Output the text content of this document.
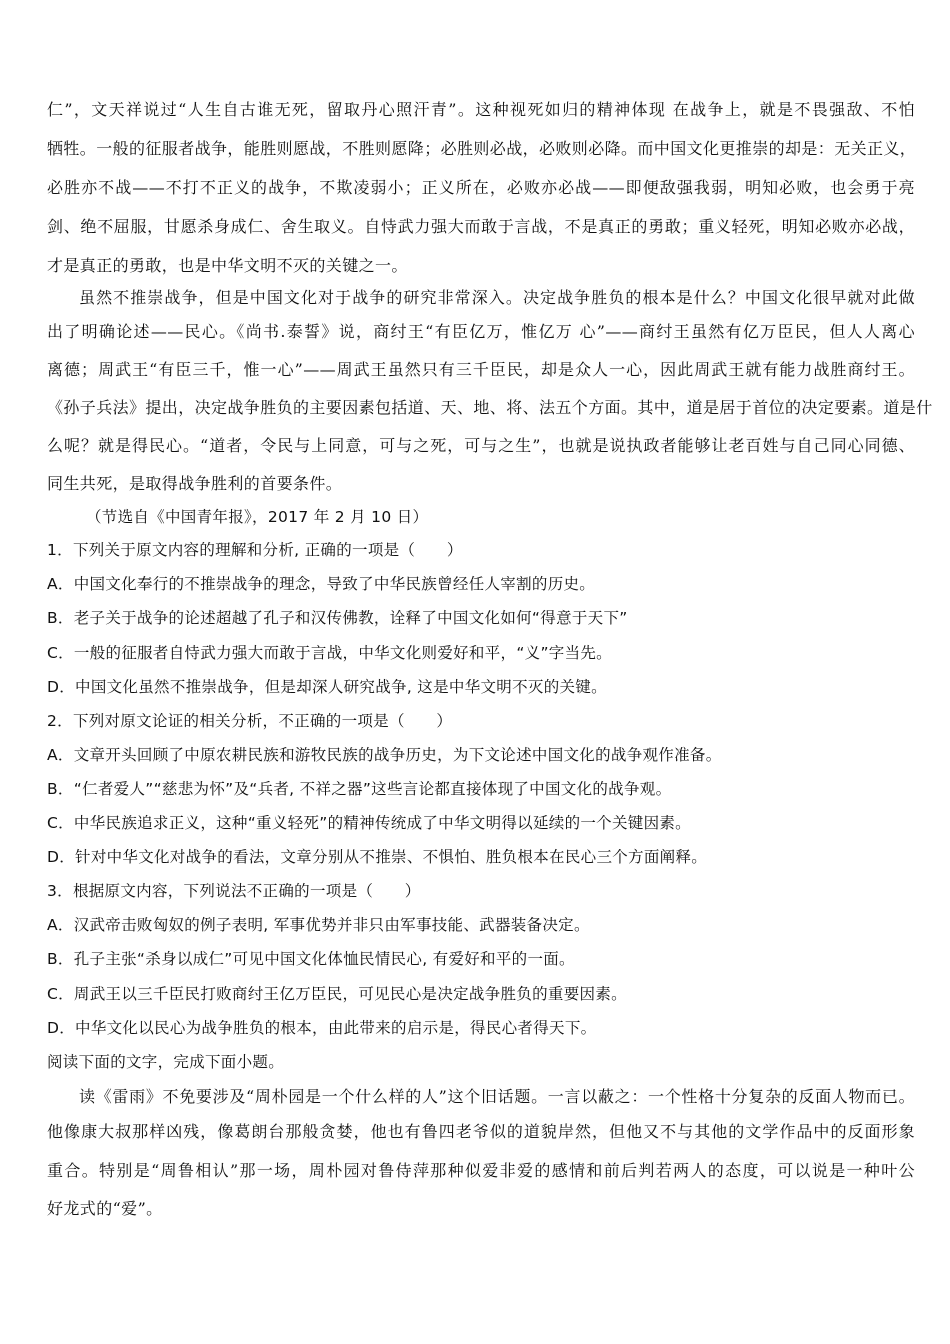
仁”，文天祥说过“人生自古谁无死，留取丹心照汗青”。这种视死如归的精神体现 在战争上，就是不畏强敌、不怕
牺牲。一般的征服者战争，能胜则愿战，不胜则愿降；必胜则必战，必败则必降。而中国文化更推崇的却是：无关正义，
必胜亦不战——不打不正义的战争，不欺凌弱小；正义所在，必败亦必战——即便敌强我弱，明知必败，也会勇于亮
剑、绝不屈服，甘愿杀身成仁、舍生取义。自恃武力强大而敢于言战，不是真正的勇敢；重义轻死，明知必败亦必战，
才是真正的勇敢，也是中华文明不灭的关键之一。
虽然不推崇战争，但是中国文化对于战争的研究非常深入。决定战争胜负的根本是什么？中国文化很早就对此做
出了明确论述——民心。《尚书.泰誓》说，商纣王“有臣亿万，惟亿万 心”——商纣王虽然有亿万臣民，但人人离心
离德；周武王“有臣三千，惟一心”——周武王虽然只有三千臣民，却是众人一心，因此周武王就有能力战胜商纣王。
《孙子兵法》提出，决定战争胜负的主要因素包括道、天、地、将、法五个方面。其中，道是居于首位的决定要素。道是什
么呢？就是得民心。“道者，令民与上同意，可与之死，可与之生”，也就是说执政者能够让老百姓与自己同心同德、
同生共死，是取得战争胜利的首要条件。
（节选自《中国青年报》，2017 年 2 月 10 日）
1．下列关于原文内容的理解和分析, 正确的一项是（　　）
A．中国文化奉行的不推崇战争的理念，导致了中华民族曾经任人宰割的历史。
B．老子关于战争的论述超越了孔子和汉传佛教，诠释了中国文化如何“得意于天下”
C．一般的征服者自恃武力强大而敢于言战，中华文化则爱好和平，“义”字当先。
D．中国文化虽然不推崇战争，但是却深人研究战争, 这是中华文明不灭的关键。
2．下列对原文论证的相关分析，不正确的一项是（　　）
A．文章开头回顾了中原农耕民族和游牧民族的战争历史，为下文论述中国文化的战争观作准备。
B．“仁者爱人”“慈悲为怀”及“兵者, 不祥之器”这些言论都直接体现了中国文化的战争观。
C．中华民族追求正义，这种“重义轻死”的精神传统成了中华文明得以延续的一个关键因素。
D．针对中华文化对战争的看法，文章分别从不推崇、不惧怕、胜负根本在民心三个方面阐释。
3．根据原文内容，下列说法不正确的一项是（　　）
A．汉武帝击败匈奴的例子表明, 军事优势并非只由军事技能、武器装备决定。
B．孔子主张“杀身以成仁”可见中国文化体恤民情民心, 有爱好和平的一面。
C．周武王以三千臣民打败商纣王亿万臣民，可见民心是决定战争胜负的重要因素。
D．中华文化以民心为战争胜负的根本，由此带来的启示是，得民心者得天下。
阅读下面的文字，完成下面小题。
读《雷雨》不免要涉及“周朴园是一个什么样的人”这个旧话题。一言以蔽之：一个性格十分复杂的反面人物而已。
他像康大叔那样凶残，像葛朗台那般贪婪，他也有鲁四老爷似的道貌岸然，但他又不与其他的文学作品中的反面形象
重合。特别是“周鲁相认”那一场，周朴园对鲁侍萍那种似爱非爱的感情和前后判若两人的态度，可以说是一种叶公
好龙式的“爱”。
